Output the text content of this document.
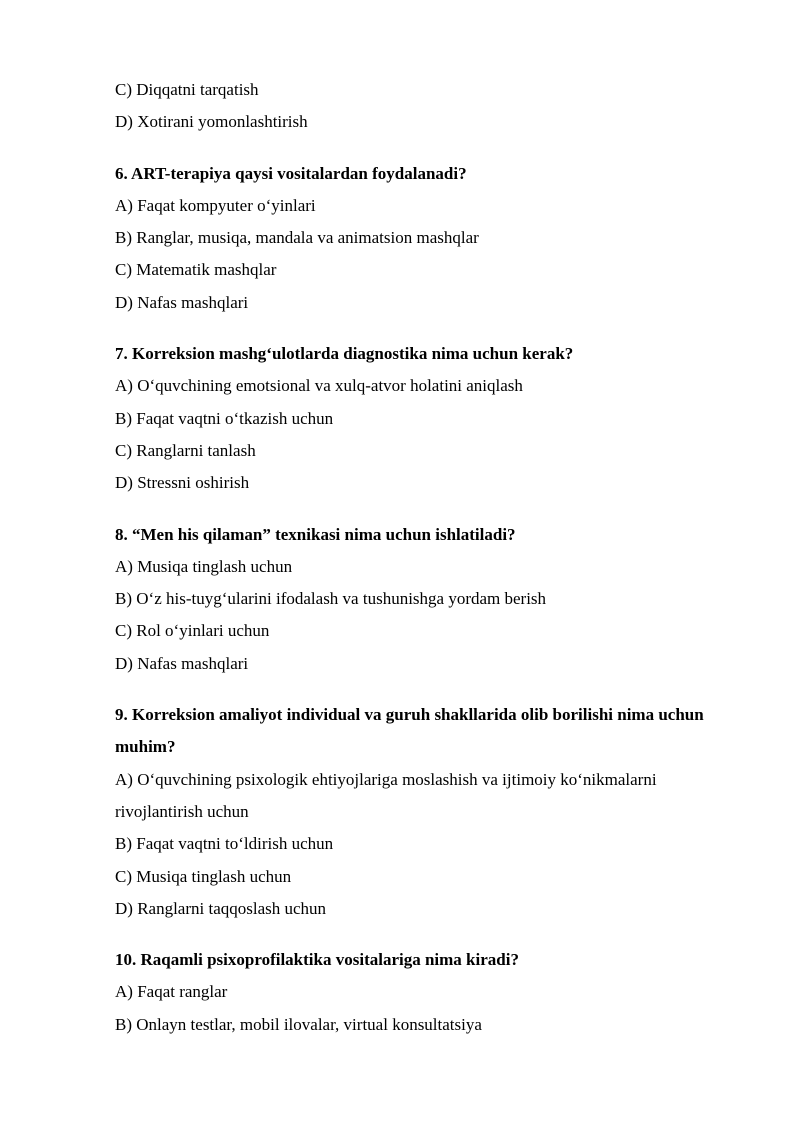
C) Diqqatni tarqatish
D) Xotirani yomonlashtirish
6. ART-terapiya qaysi vositalardan foydalanadi?
A) Faqat kompyuter o‘yinlari
B) Ranglar, musiqa, mandala va animatsion mashqlar
C) Matematik mashqlar
D) Nafas mashqlari
7. Korreksion mashg‘ulotlarda diagnostika nima uchun kerak?
A) O‘quvchining emotsional va xulq-atvor holatini aniqlash
B) Faqat vaqtni o‘tkazish uchun
C) Ranglarni tanlash
D) Stressni oshirish
8. “Men his qilaman” texnikasi nima uchun ishlatiladi?
A) Musiqa tinglash uchun
B) O‘z his-tuyg‘ularini ifodalash va tushunishga yordam berish
C) Rol o‘yinlari uchun
D) Nafas mashqlari
9. Korreksion amaliyot individual va guruh shakllarida olib borilishi nima uchun muhim?
A) O‘quvchining psixologik ehtiyojlariga moslashish va ijtimoiy ko‘nikmalarni rivojlantirish uchun
B) Faqat vaqtni to‘ldirish uchun
C) Musiqa tinglash uchun
D) Ranglarni taqqoslash uchun
10. Raqamli psixoprofilaktika vositalariga nima kiradi?
A) Faqat ranglar
B) Onlayn testlar, mobil ilovalar, virtual konsultatsiya
